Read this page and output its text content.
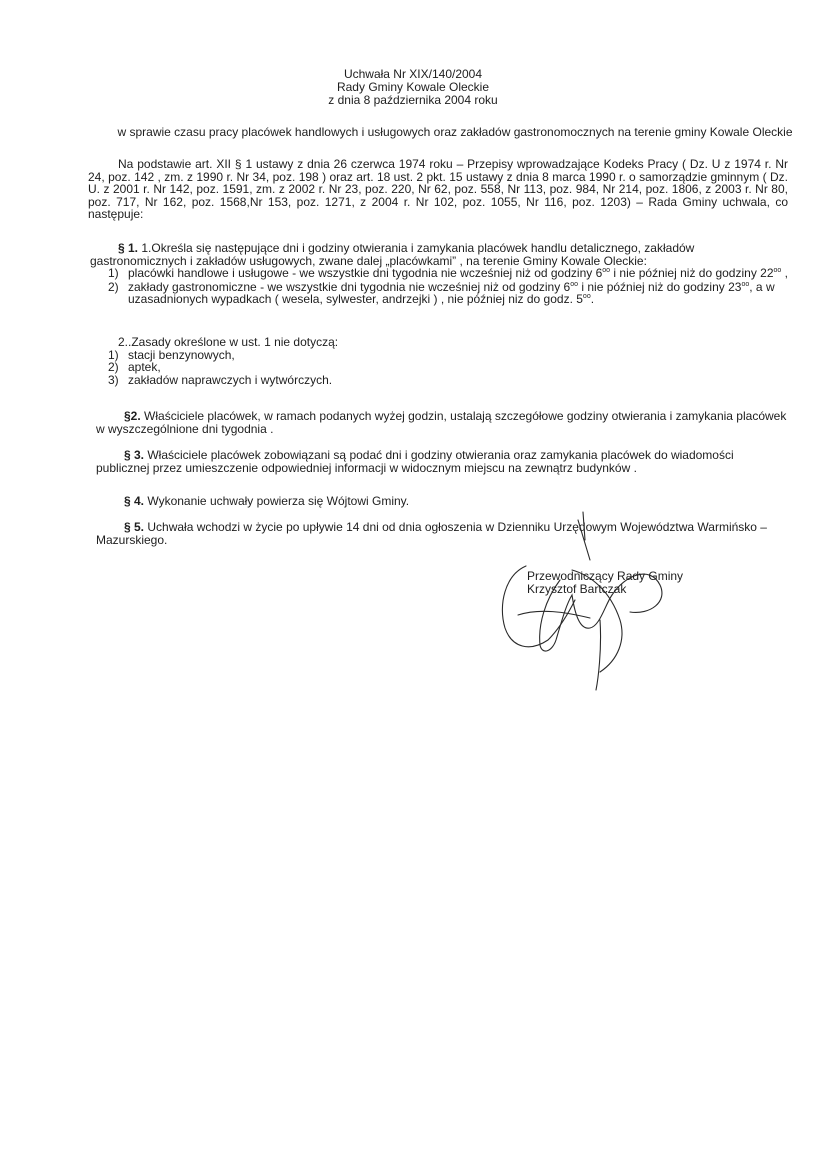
Uchwała Nr XIX/140/2004
Rady Gminy Kowale Oleckie
z dnia 8 października 2004 roku
w sprawie czasu pracy placówek handlowych i usługowych oraz zakładów gastronomocznych na terenie gminy Kowale Oleckie

Na podstawie art. XII § 1 ustawy z dnia 26 czerwca 1974 roku – Przepisy wprowadzające Kodeks Pracy ( Dz. U z 1974 r. Nr 24, poz. 142 , zm. z 1990 r. Nr 34, poz. 198 ) oraz art. 18 ust. 2 pkt. 15 ustawy z dnia 8 marca 1990 r. o samorządzie gminnym ( Dz. U. z 2001 r. Nr 142, poz. 1591, zm. z 2002 r. Nr 23, poz. 220, Nr 62, poz. 558, Nr 113, poz. 984, Nr 214, poz. 1806, z 2003 r. Nr 80, poz. 717, Nr 162, poz. 1568,Nr 153, poz. 1271, z 2004 r. Nr 102, poz. 1055, Nr 116, poz. 1203) – Rada Gminy uchwala, co następuje:

§ 1. 1.Określa się następujące dni i godziny otwierania i zamykania placówek handlu detalicznego, zakładów gastronomicznych i zakładów usługowych, zwane dalej „placówkami” , na terenie Gminy Kowale Oleckie:

1) placówki handlowe i usługowe - we wszystkie dni tygodnia nie wcześniej niż od godziny $6^{oo}$ i nie później niż do godziny $22^{oo}$ ,
2) zakłady gastronomiczne - we wszystkie dni tygodnia nie wcześniej niż od godziny $6^{oo}$ i nie później niż do godziny $23^{oo}$, a w uzasadnionych wypadkach ( wesela, sylwester, andrzejki ) , nie później niz do godz. $5^{oo}$.

2..Zasady określone w ust. 1 nie dotyczą:

1) stacji benzynowych,
2) aptek,
3) zakładów naprawczych i wytwórczych.

§2. Właściciele placówek, w ramach podanych wyżej godzin, ustalają szczegółowe godziny otwierania i zamykania placówek w wyszczególnione dni tygodnia .

§ 3. Właściciele placówek zobowiązani są podać dni i godziny otwierania oraz zamykania placówek do wiadomości publicznej przez umieszczenie odpowiedniej informacji w widocznym miejscu na zewnątrz budynków .

§ 4. Wykonanie uchwały powierza się Wójtowi Gminy.

§ 5. Uchwała wchodzi w życie po upływie 14 dni od dnia ogłoszenia w Dzienniku Urzędowym Województwa Warmińsko – Mazurskiego.

Przewodniczący Rady Gminy
Krzysztof Bartczak
